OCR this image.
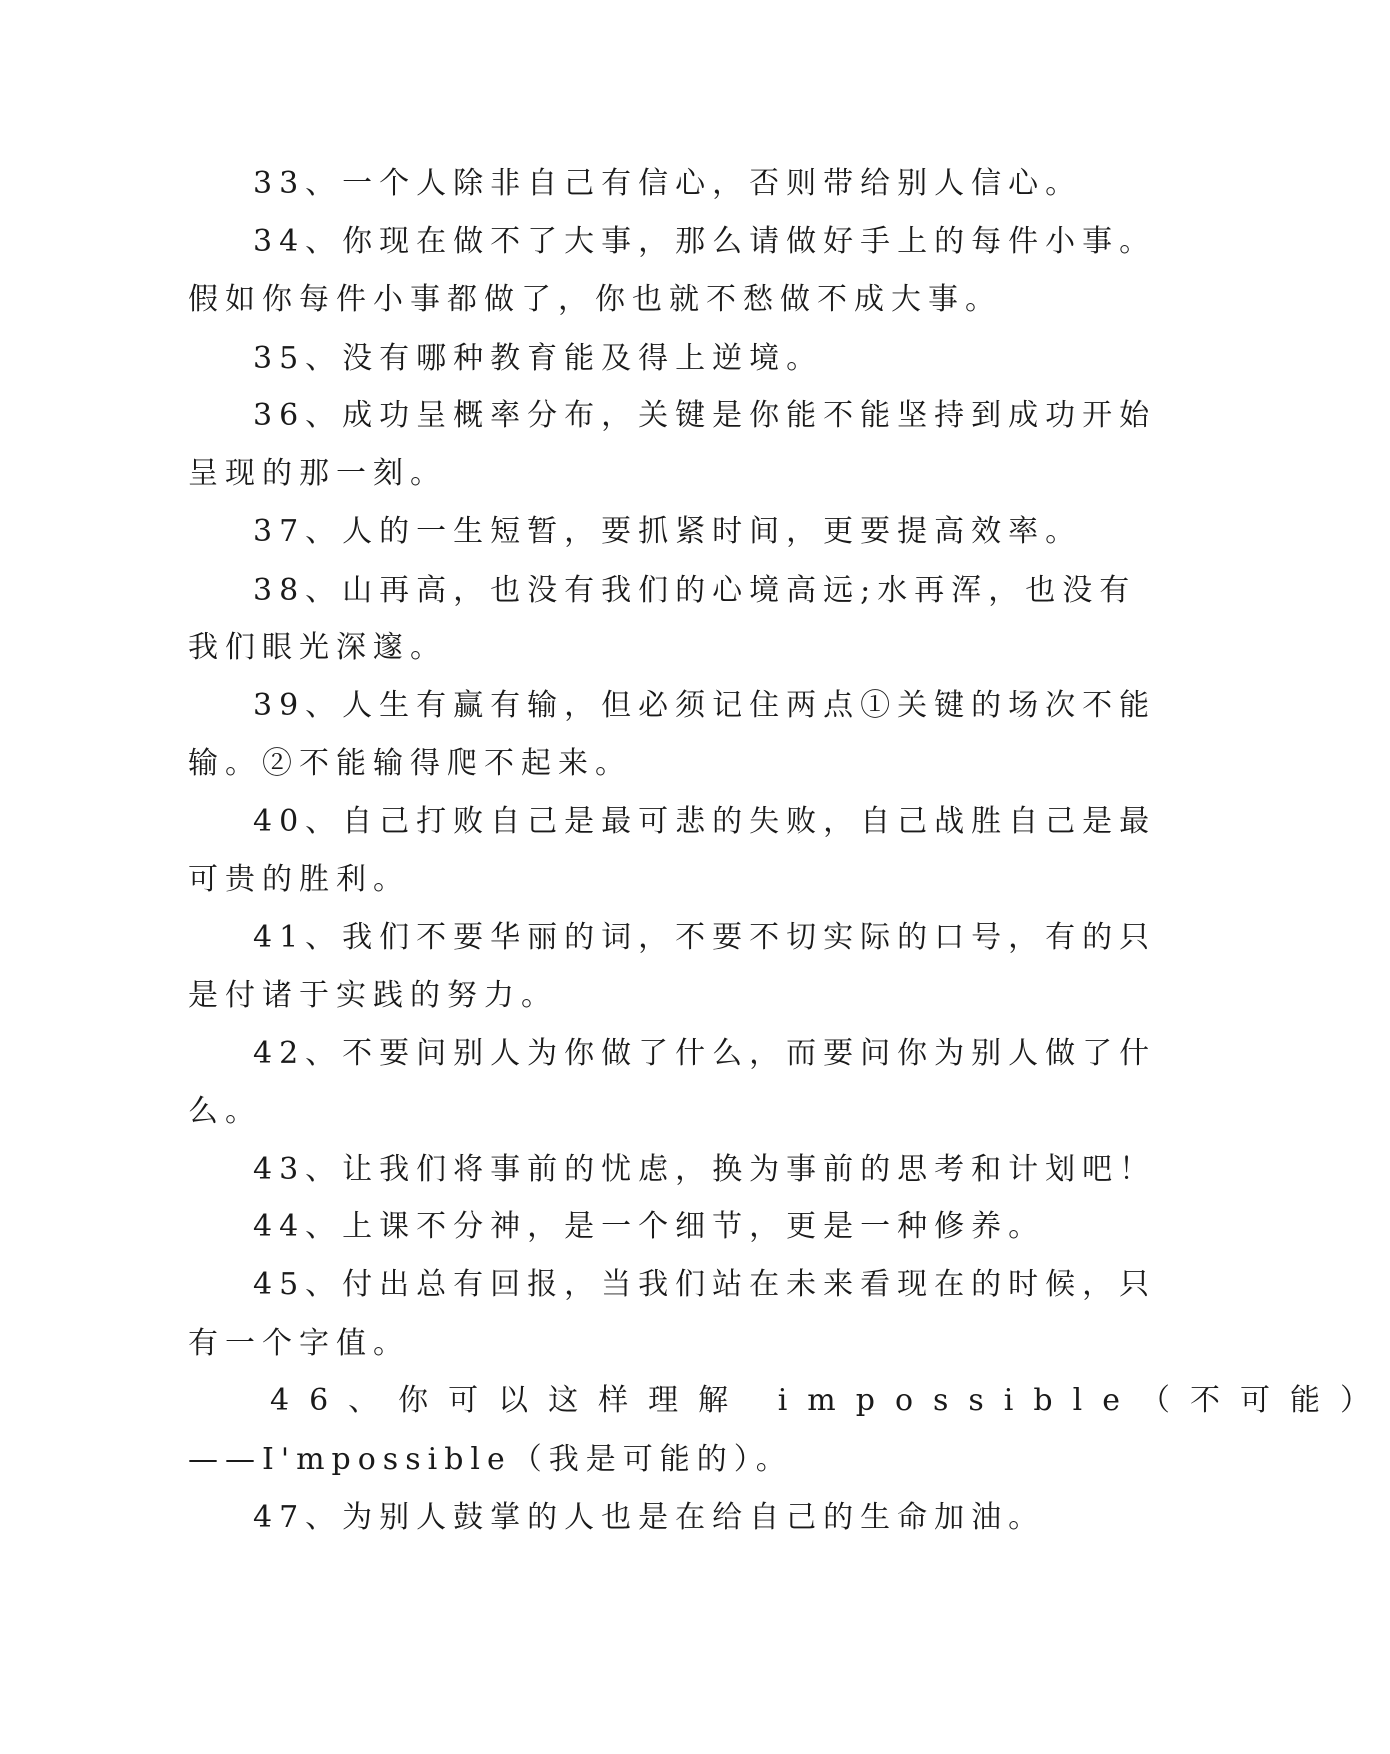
33、一个人除非自己有信心，否则带给别人信心。
34、你现在做不了大事，那么请做好手上的每件小事。
假如你每件小事都做了，你也就不愁做不成大事。
35、没有哪种教育能及得上逆境。
36、成功呈概率分布，关键是你能不能坚持到成功开始
呈现的那一刻。
37、人的一生短暂，要抓紧时间，更要提高效率。
38、山再高，也没有我们的心境高远;水再浑，也没有
我们眼光深邃。
39、人生有赢有输，但必须记住两点①关键的场次不能
输。②不能输得爬不起来。
40、自己打败自己是最可悲的失败，自己战胜自己是最
可贵的胜利。
41、我们不要华丽的词，不要不切实际的口号，有的只
是付诸于实践的努力。
42、不要问别人为你做了什么，而要问你为别人做了什
么。
43、让我们将事前的忧虑，换为事前的思考和计划吧！
44、上课不分神，是一个细节，更是一种修养。
45、付出总有回报，当我们站在未来看现在的时候，只
有一个字值。
46、你可以这样理解 impossible（不可能）
——I'mpossible（我是可能的）。
47、为别人鼓掌的人也是在给自己的生命加油。
